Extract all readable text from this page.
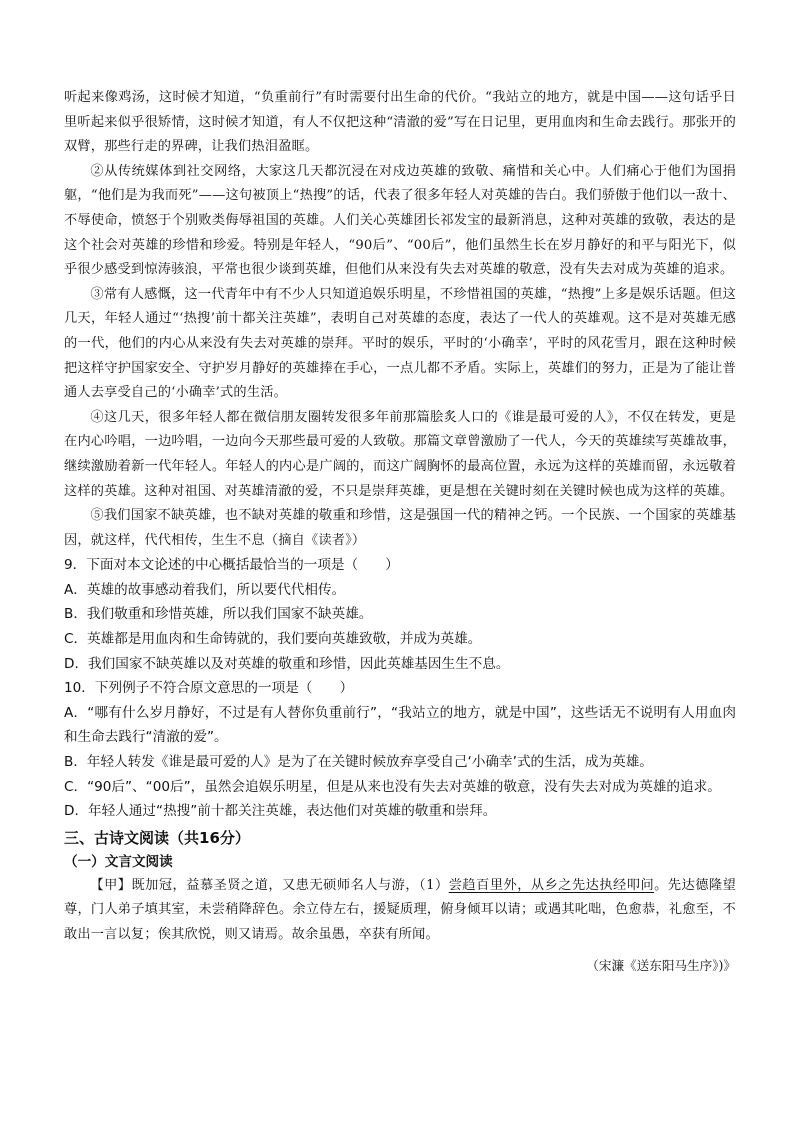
听起来像鸡汤，这时候才知道，“负重前行”有时需要付出生命的代价。“我站立的地方，就是中国——这句话乎日里听起来似乎很矫情，这时候才知道，有人不仅把这种“清澈的爱”写在日记里，更用血肉和生命去践行。那张开的双臂，那些行走的界碑，让我们热泪盈眶。

②从传统媒体到社交网络，大家这几天都沉浸在对戍边英雄的致敬、痛惜和关心中。人们痛心于他们为国捐躯，“他们是为我而死”——这句被顶上“热搜”的话，代表了很多年轻人对英雄的告白。我们骄傲于他们以一敌十、不辱使命，愤怒于个别败类侮辱祖国的英雄。人们关心英雄团长祁发宝的最新消息，这种对英雄的致敬，表达的是这个社会对英雄的珍惜和珍爱。特别是年轻人，“90后”、“00后”，他们虽然生长在岁月静好的和平与阳光下，似乎很少感受到惊涛骇浪，平常也很少谈到英雄，但他们从来没有失去对英雄的敬意，没有失去对成为英雄的追求。

③常有人感慨，这一代青年中有不少人只知道追娱乐明星，不珍惜祖国的英雄，“热搜”上多是娱乐话题。但这几天，年轻人通过“‘热搜’前十都关注英雄”，表明自己对英雄的态度，表达了一代人的英雄观。这不是对英雄无感的一代，他们的内心从来没有失去对英雄的崇拜。平时的娱乐，平时的‘小确幸’，平时的风花雪月，跟在这种时候把这样守护国家安全、守护岁月静好的英雄捧在手心，一点儿都不矛盾。实际上，英雄们的努力，正是为了能让普通人去享受自己的‘小确幸’式的生活。

④这几天，很多年轻人都在微信朋友圈转发很多年前那篇脍炙人口的《谁是最可爱的人》，不仅在转发，更是在内心吟唱，一边吟唱，一边向今天那些最可爱的人致敬。那篇文章曾激励了一代人，今天的英雄续写英雄故事，继续激励着新一代年轻人。年轻人的内心是广阔的，而这广阔胸怀的最高位置，永远为这样的英雄而留，永远敬着这样的英雄。这种对祖国、对英雄清澈的爱，不只是崇拜英雄，更是想在关键时刻在关键时候也成为这样的英雄。

⑤我们国家不缺英雄，也不缺对英雄的敬重和珍惜，这是强国一代的精神之钙。一个民族、一个国家的英雄基因，就这样，代代相传，生生不息（摘自《读者》）

9．下面对本文论述的中心概括最恰当的一项是（　　）

A．英雄的故事感动着我们，所以要代代相传。

B．我们敬重和珍惜英雄，所以我们国家不缺英雄。

C．英雄都是用血肉和生命铸就的，我们要向英雄致敬，并成为英雄。

D．我们国家不缺英雄以及对英雄的敬重和珍惜，因此英雄基因生生不息。

10．下列例子不符合原文意思的一项是（　　）

A．“哪有什么岁月静好，不过是有人替你负重前行”，“我站立的地方，就是中国”，这些话无不说明有人用血肉和生命去践行“清澈的爱”。

B．年轻人转发《谁是最可爱的人》是为了在关键时候放弃享受自己‘小确幸’式的生活，成为英雄。

C．“90后”、“00后”，虽然会追娱乐明星，但是从来也没有失去对英雄的敬意，没有失去对成为英雄的追求。

D．年轻人通过“热搜”前十都关注英雄，表达他们对英雄的敬重和崇拜。

三、古诗文阅读（共16分）

（一）文言文阅读

【甲】既加冠，益慕圣贤之道，又患无硕师名人与游，（1）尝趋百里外，从乡之先达执经叩问。先达德隆望尊，门人弟子填其室，未尝稍降辞色。余立侍左右，援疑质理，俯身倾耳以请；或遇其叱咄，色愈恭，礼愈至，不敢出一言以复；俟其欣悦，则又请焉。故余虽愚，卒获有所闻。

（宋濂《送东阳马生序》)》
